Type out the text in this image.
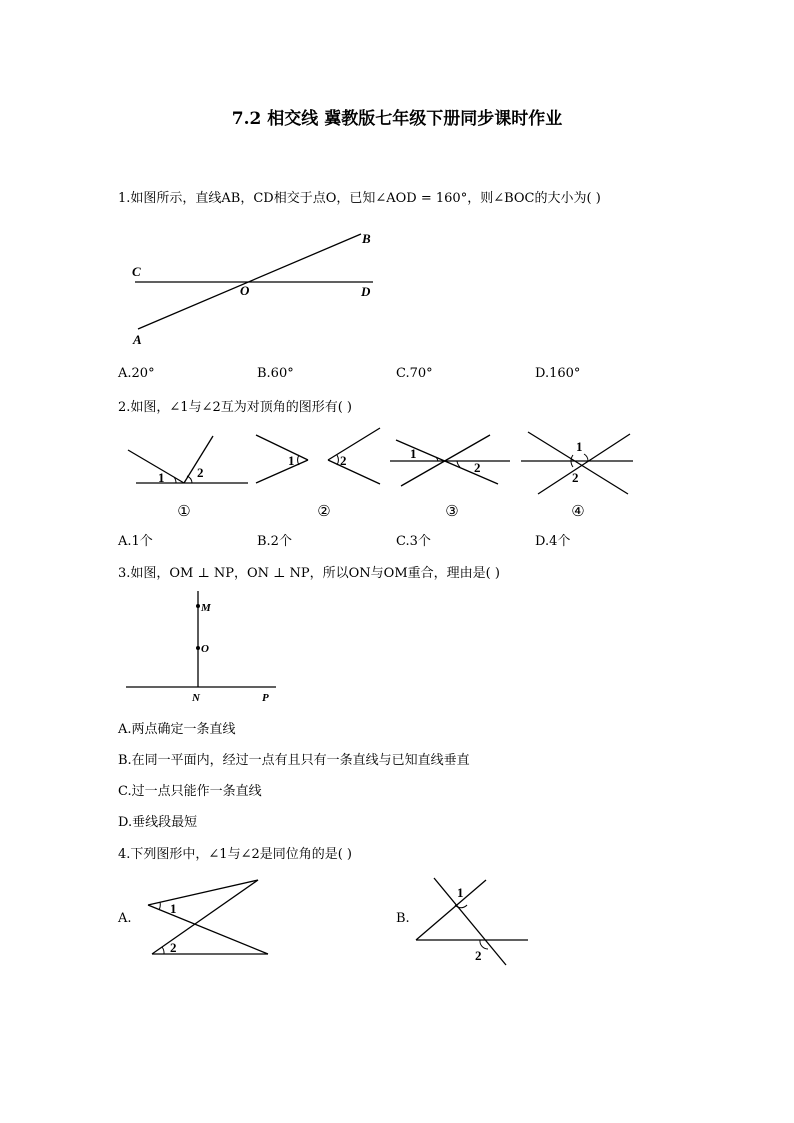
7.2 相交线 冀教版七年级下册同步课时作业
1.如图所示，直线AB，CD相交于点O，已知∠AOD = 160°，则∠BOC的大小为( )
C
O	D
B
A
A.20°	B.60°	C.70°	D.160°
2.如图，∠1与∠2互为对顶角的图形有( )
1	2
①
1	2
②
1
2
③
1
2
④
A.1个	B.2个	C.3个	D.4个
3.如图，OM ⊥ NP，ON ⊥ NP，所以ON与OM重合，理由是( )
M
O
N	P
A.两点确定一条直线
B.在同一平面内，经过一点有且只有一条直线与已知直线垂直
C.过一点只能作一条直线
D.垂线段最短
4.下列图形中，∠1与∠2是同位角的是( )
A.
1
2
B.
1
2
